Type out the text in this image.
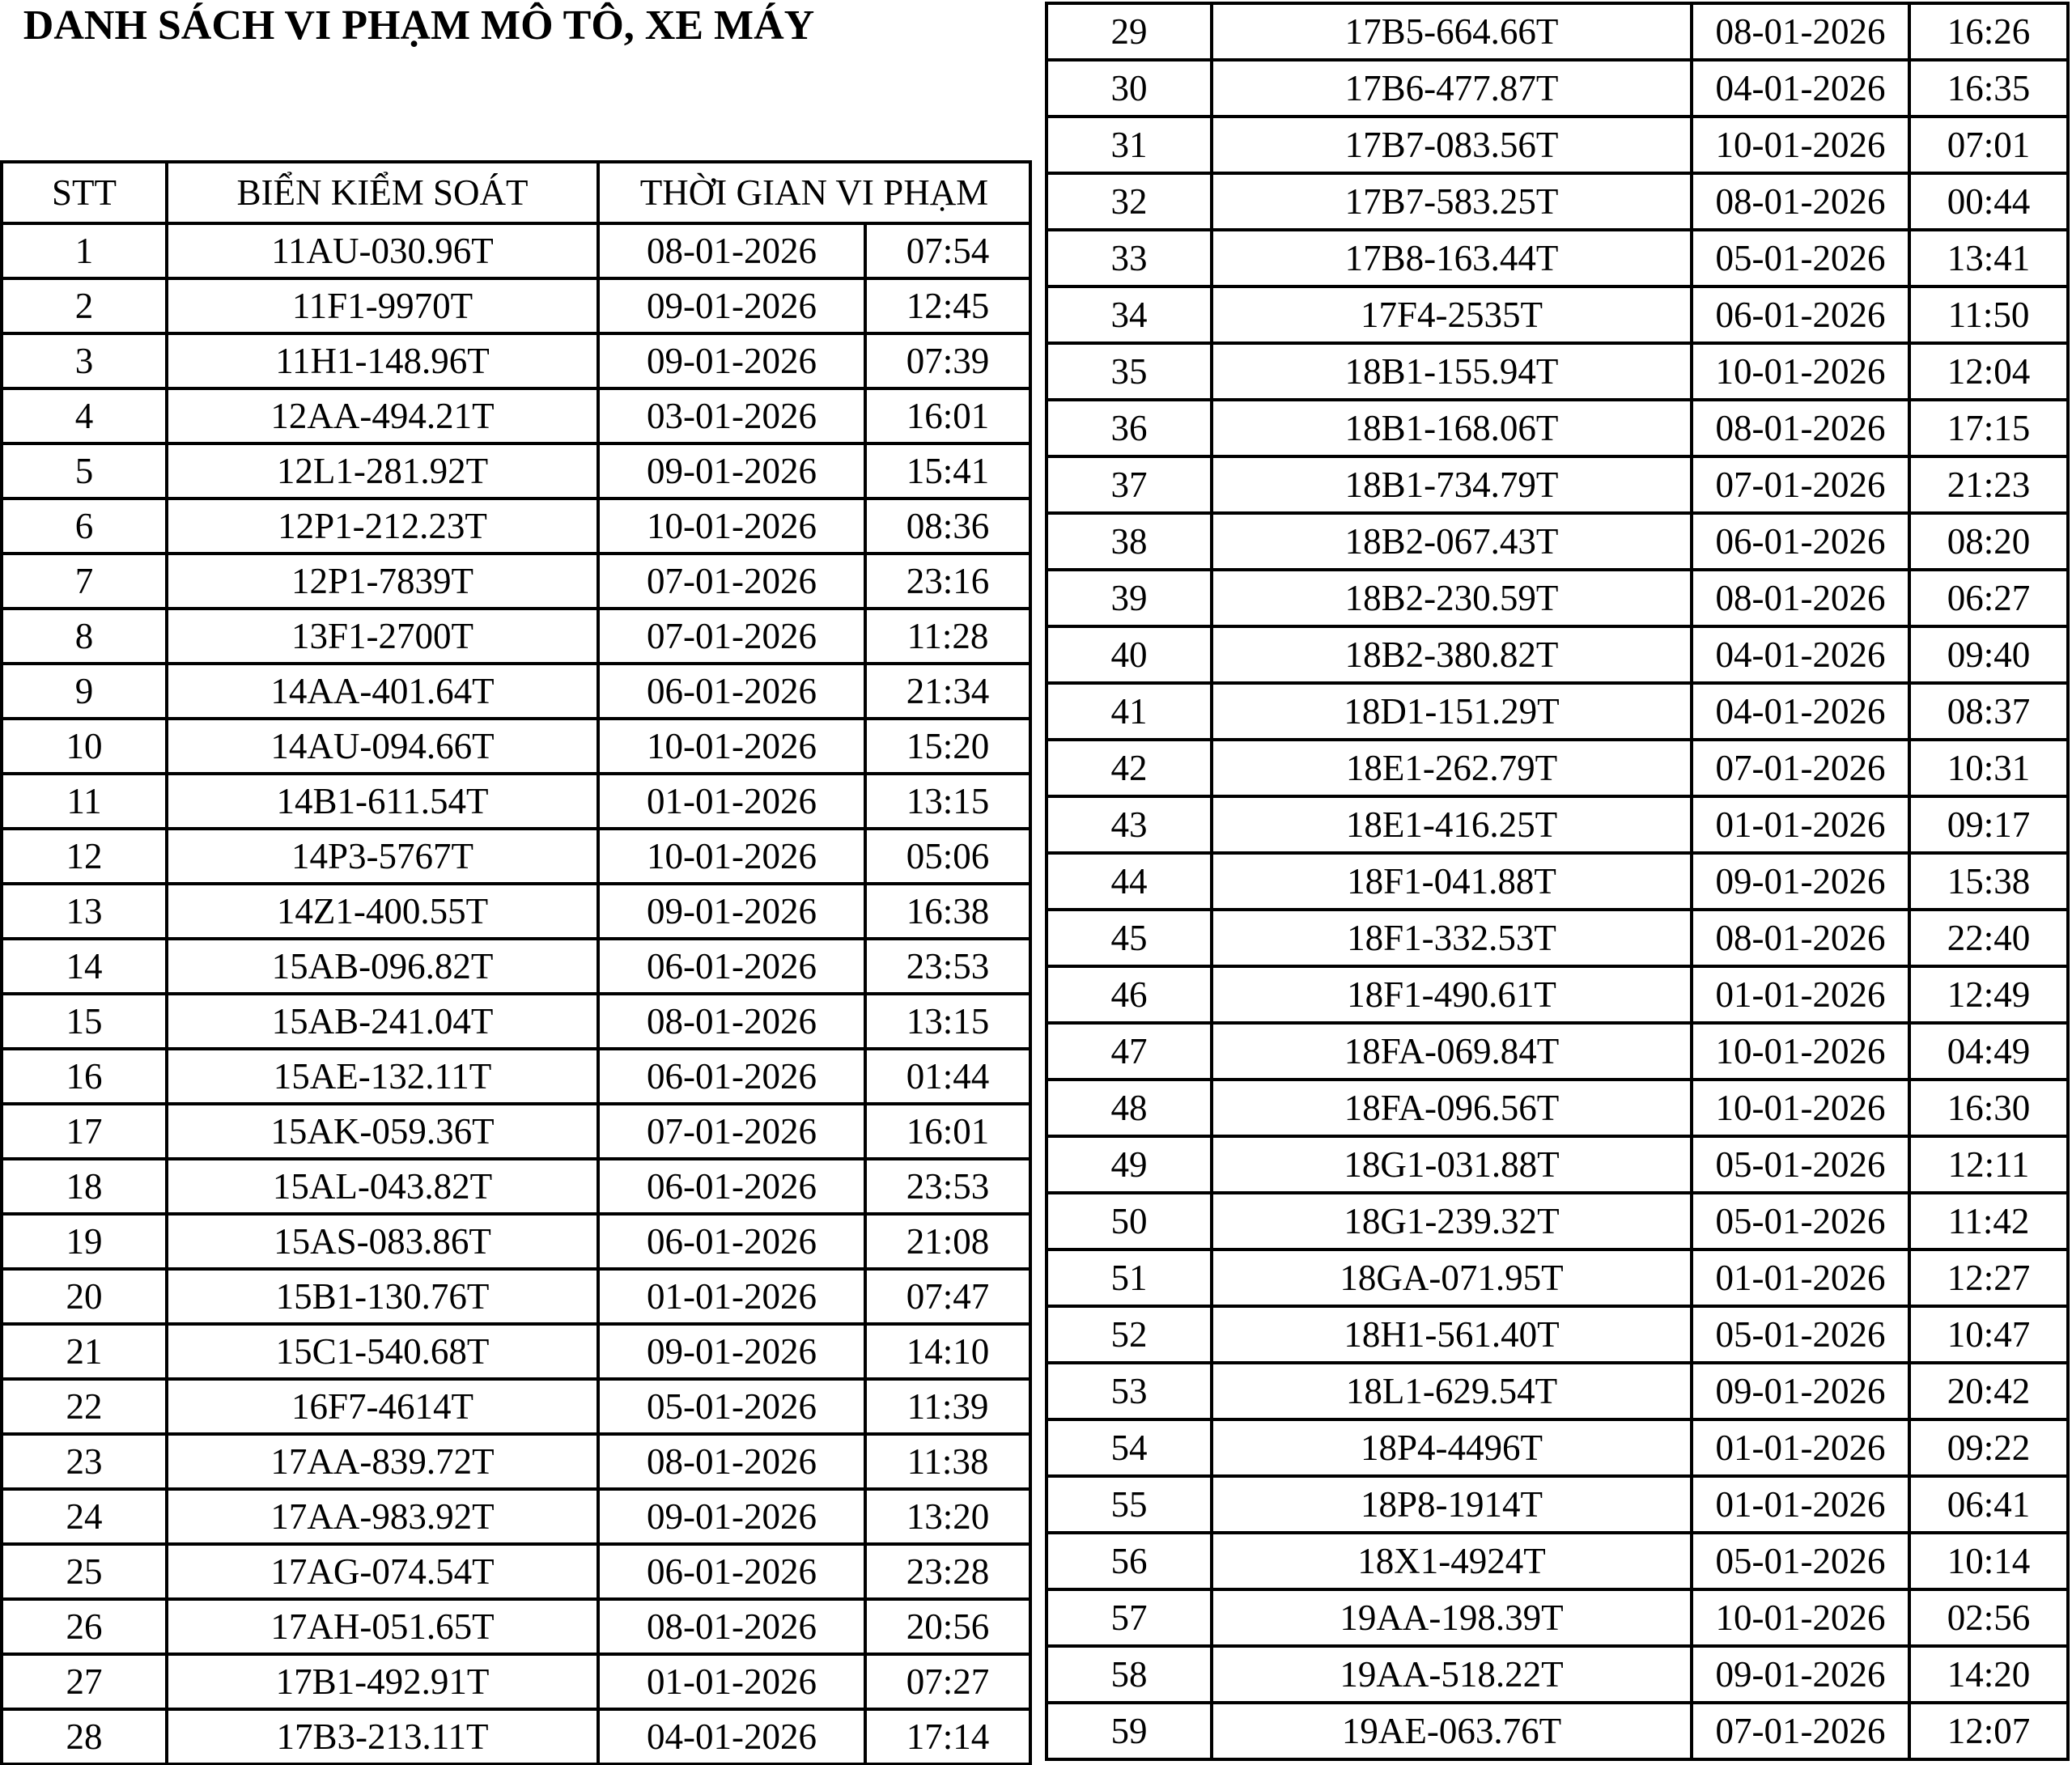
DANH SÁCH VI PHẠM MÔ TÔ, XE MÁY
STT	BIỂN KIỂM SOÁT	THỜI GIAN VI PHẠM	
1	11AU-030.96T	08-01-2026	07:54
2	11F1-9970T	09-01-2026	12:45
3	11H1-148.96T	09-01-2026	07:39
4	12AA-494.21T	03-01-2026	16:01
5	12L1-281.92T	09-01-2026	15:41
6	12P1-212.23T	10-01-2026	08:36
7	12P1-7839T	07-01-2026	23:16
8	13F1-2700T	07-01-2026	11:28
9	14AA-401.64T	06-01-2026	21:34
10	14AU-094.66T	10-01-2026	15:20
11	14B1-611.54T	01-01-2026	13:15
12	14P3-5767T	10-01-2026	05:06
13	14Z1-400.55T	09-01-2026	16:38
14	15AB-096.82T	06-01-2026	23:53
15	15AB-241.04T	08-01-2026	13:15
16	15AE-132.11T	06-01-2026	01:44
17	15AK-059.36T	07-01-2026	16:01
18	15AL-043.82T	06-01-2026	23:53
19	15AS-083.86T	06-01-2026	21:08
20	15B1-130.76T	01-01-2026	07:47
21	15C1-540.68T	09-01-2026	14:10
22	16F7-4614T	05-01-2026	11:39
23	17AA-839.72T	08-01-2026	11:38
24	17AA-983.92T	09-01-2026	13:20
25	17AG-074.54T	06-01-2026	23:28
26	17AH-051.65T	08-01-2026	20:56
27	17B1-492.91T	01-01-2026	07:27
28	17B3-213.11T	04-01-2026	17:14
29	17B5-664.66T	08-01-2026	16:26
30	17B6-477.87T	04-01-2026	16:35
31	17B7-083.56T	10-01-2026	07:01
32	17B7-583.25T	08-01-2026	00:44
33	17B8-163.44T	05-01-2026	13:41
34	17F4-2535T	06-01-2026	11:50
35	18B1-155.94T	10-01-2026	12:04
36	18B1-168.06T	08-01-2026	17:15
37	18B1-734.79T	07-01-2026	21:23
38	18B2-067.43T	06-01-2026	08:20
39	18B2-230.59T	08-01-2026	06:27
40	18B2-380.82T	04-01-2026	09:40
41	18D1-151.29T	04-01-2026	08:37
42	18E1-262.79T	07-01-2026	10:31
43	18E1-416.25T	01-01-2026	09:17
44	18F1-041.88T	09-01-2026	15:38
45	18F1-332.53T	08-01-2026	22:40
46	18F1-490.61T	01-01-2026	12:49
47	18FA-069.84T	10-01-2026	04:49
48	18FA-096.56T	10-01-2026	16:30
49	18G1-031.88T	05-01-2026	12:11
50	18G1-239.32T	05-01-2026	11:42
51	18GA-071.95T	01-01-2026	12:27
52	18H1-561.40T	05-01-2026	10:47
53	18L1-629.54T	09-01-2026	20:42
54	18P4-4496T	01-01-2026	09:22
55	18P8-1914T	01-01-2026	06:41
56	18X1-4924T	05-01-2026	10:14
57	19AA-198.39T	10-01-2026	02:56
58	19AA-518.22T	09-01-2026	14:20
59	19AE-063.76T	07-01-2026	12:07
